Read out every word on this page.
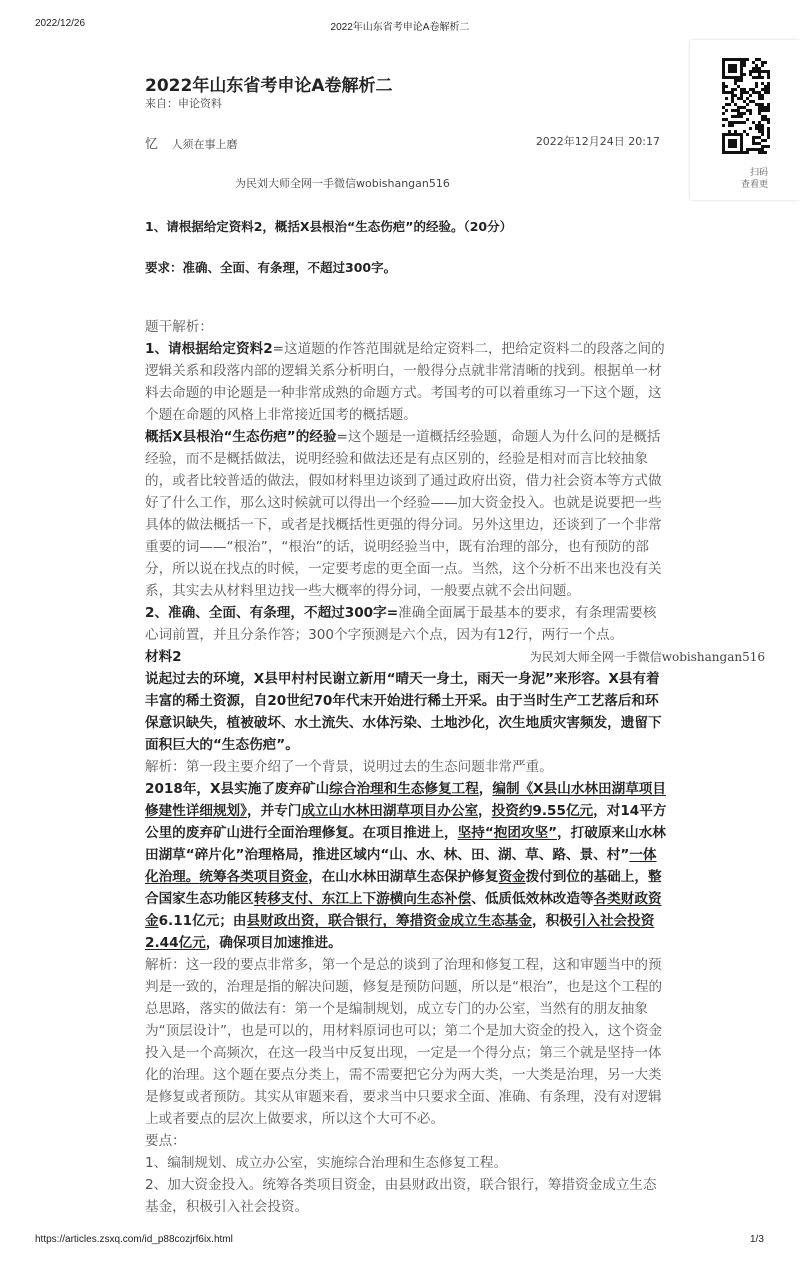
2022/12/26	2022年山东省考申论A卷解析二
2022年山东省考申论A卷解析二
来自：申论资料
忆 人须在事上磨	2022年12月24日 20:17
为民刘大师全网一手微信wobishangan516
1、请根据给定资料2，概括X县根治“生态伤疤”的经验。（20分）
要求：准确、全面、有条理，不超过300字。

题干解析：

1、请根据给定资料2=这道题的作答范围就是给定资料二，把给定资料二的段落之间的逻辑关系和段落内部的逻辑关系分析明白，一般得分点就非常清晰的找到。根据单一材料去命题的申论题是一种非常成熟的命题方式。考国考的可以着重练习一下这个题，这个题在命题的风格上非常接近国考的概括题。

概括X县根治“生态伤疤”的经验=这个题是一道概括经验题，命题人为什么问的是概括经验，而不是概括做法，说明经验和做法还是有点区别的，经验是相对而言比较抽象的，或者比较普适的做法，假如材料里边谈到了通过政府出资，借力社会资本等方式做好了什么工作，那么这时候就可以得出一个经验——加大资金投入。也就是说要把一些具体的做法概括一下，或者是找概括性更强的得分词。另外这里边，还谈到了一个非常重要的词——“根治”，“根治”的话，说明经验当中，既有治理的部分，也有预防的部分，所以说在找点的时候，一定要考虑的更全面一点。当然，这个分析不出来也没有关系，其实去从材料里边找一些大概率的得分词，一般要点就不会出问题。

2、准确、全面、有条理，不超过300字=准确全面属于最基本的要求，有条理需要核心词前置，并且分条作答；300个字预测是六个点，因为有12行，两行一个点。

材料2	为民刘大师全网一手微信wobishangan516

说起过去的环境，X县甲村村民谢立新用“晴天一身土，雨天一身泥”来形容。X县有着丰富的稀土资源，自20世纪70年代末开始进行稀土开采。由于当时生产工艺落后和环保意识缺失，植被破坏、水土流失、水体污染、土地沙化，次生地质灾害频发，遗留下面积巨大的“生态伤疤”。

解析：第一段主要介绍了一个背景，说明过去的生态问题非常严重。

2018年，X县实施了废弃矿山综合治理和生态修复工程，编制《X县山水林田湖草项目修建性详细规划》，并专门成立山水林田湖草项目办公室，投资约9.55亿元，对14平方公里的废弃矿山进行全面治理修复。在项目推进上，坚持“抱团攻坚”，打破原来山水林田湖草“碎片化”治理格局，推进区域内“山、水、林、田、湖、草、路、景、村”一体化治理。统筹各类项目资金，在山水林田湖草生态保护修复资金拨付到位的基础上，整合国家生态功能区转移支付、东江上下游横向生态补偿、低质低效林改造等各类财政资金6.11亿元；由县财政出资，联合银行，筹措资金成立生态基金，积极引入社会投资2.44亿元，确保项目加速推进。

解析：这一段的要点非常多，第一个是总的谈到了治理和修复工程，这和审题当中的预判是一致的，治理是指的解决问题，修复是预防问题，所以是“根治”，也是这个工程的总思路，落实的做法有：第一个是编制规划，成立专门的办公室，当然有的朋友抽象为“顶层设计”，也是可以的，用材料原词也可以；第二个是加大资金的投入，这个资金投入是一个高频次，在这一段当中反复出现，一定是一个得分点；第三个就是坚持一体化的治理。这个题在要点分类上，需不需要把它分为两大类，一大类是治理，另一大类是修复或者预防。其实从审题来看，要求当中只要求全面、准确、有条理，没有对逻辑上或者要点的层次上做要求，所以这个大可不必。

要点：

1、编制规划、成立办公室，实施综合治理和生态修复工程。

2、加大资金投入。统筹各类项目资金，由县财政出资，联合银行，筹措资金成立生态基金，积极引入社会投资。

扫码
查看更
https://articles.zsxq.com/id_p88cozjrf6ix.html	1/3
